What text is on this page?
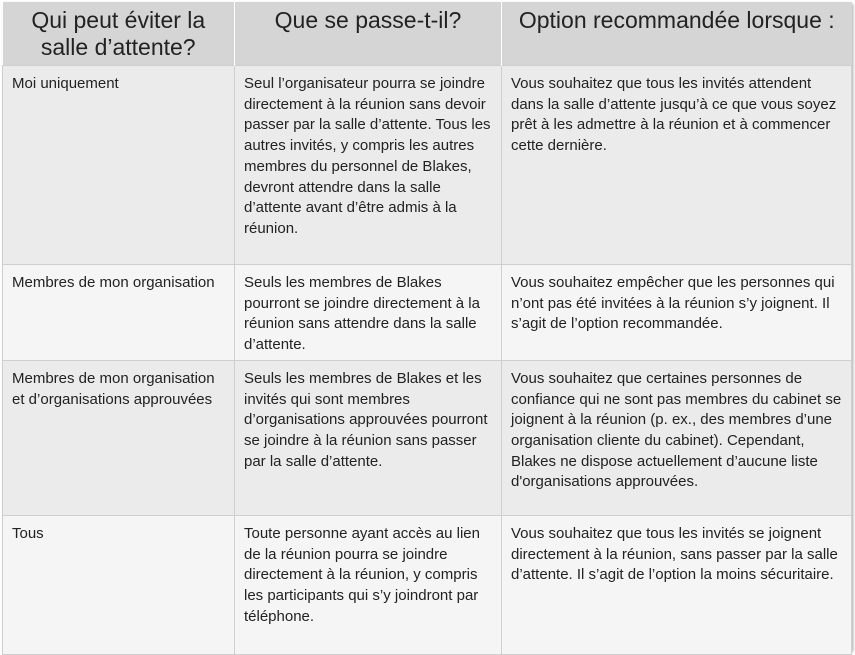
Qui peut éviter la salle d’attente?	Que se passe-t-il?	Option recommandée lorsque :

Moi uniquement	Seul l’organisateur pourra se joindre directement à la réunion sans devoir passer par la salle d’attente. Tous les autres invités, y compris les autres membres du personnel de Blakes, devront attendre dans la salle d’attente avant d’être admis à la réunion.	Vous souhaitez que tous les invités attendent dans la salle d’attente jusqu’à ce que vous soyez prêt à les admettre à la réunion et à commencer cette dernière.

Membres de mon organisation	Seuls les membres de Blakes pourront se joindre directement à la réunion sans attendre dans la salle d’attente.	Vous souhaitez empêcher que les personnes qui n’ont pas été invitées à la réunion s’y joignent. Il s’agit de l’option recommandée.

Membres de mon organisation et d’organisations approuvées	Seuls les membres de Blakes et les invités qui sont membres d’organisations approuvées pourront se joindre à la réunion sans passer par la salle d’attente.	Vous souhaitez que certaines personnes de confiance qui ne sont pas membres du cabinet se joignent à la réunion (p. ex., des membres d’une organisation cliente du cabinet). Cependant, Blakes ne dispose actuellement d’aucune liste d'organisations approuvées.

Tous	Toute personne ayant accès au lien de la réunion pourra se joindre directement à la réunion, y compris les participants qui s’y joindront par téléphone.	Vous souhaitez que tous les invités se joignent directement à la réunion, sans passer par la salle d’attente. Il s’agit de l’option la moins sécuritaire.
